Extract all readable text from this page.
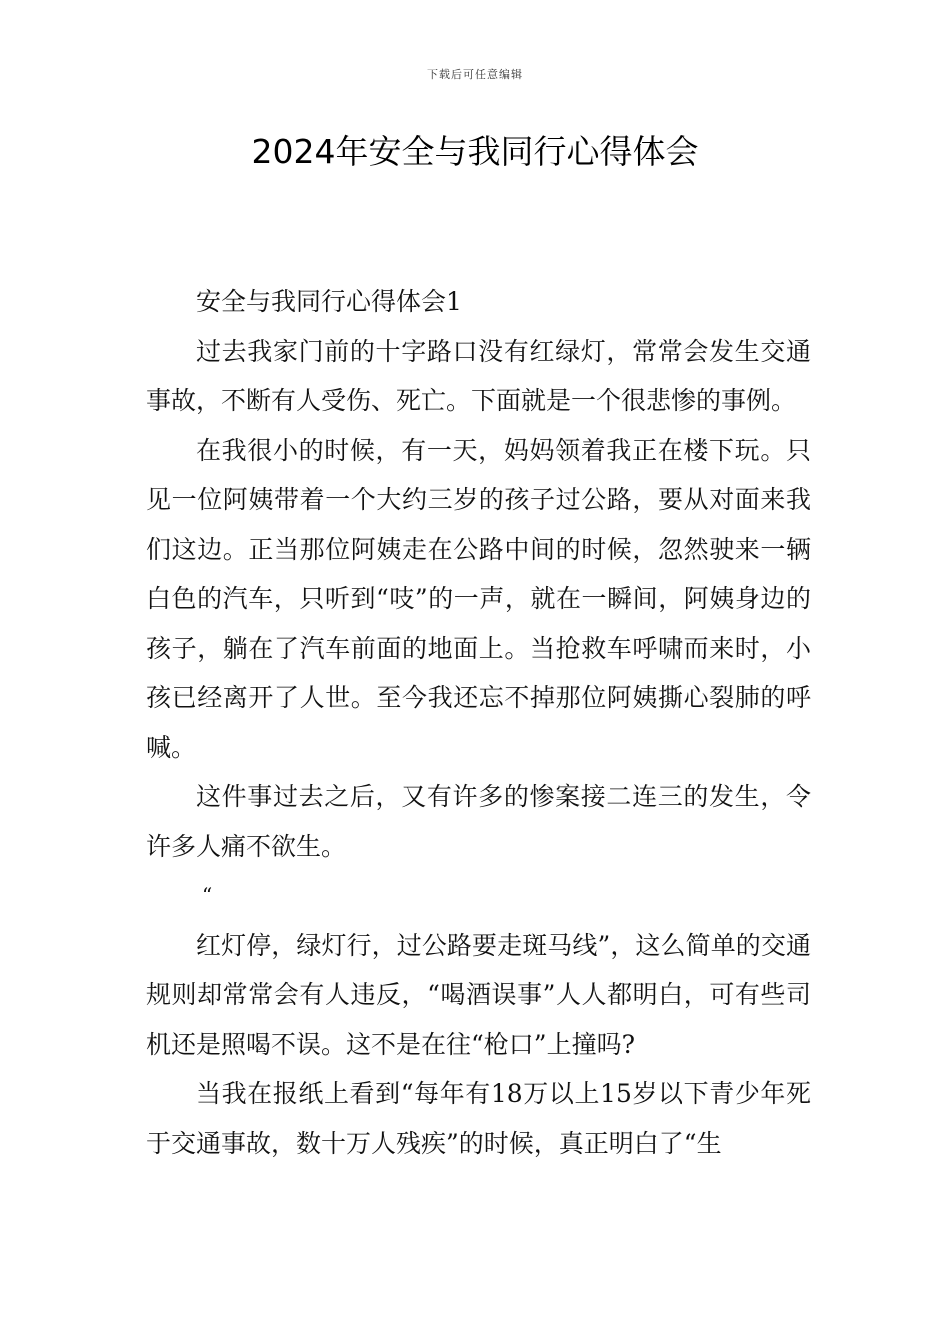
下载后可任意编辑
2024年安全与我同行心得体会

安全与我同行心得体会1

过去我家门前的十字路口没有红绿灯，常常会发生交通事故，不断有人受伤、死亡。下面就是一个很悲惨的事例。

在我很小的时候，有一天，妈妈领着我正在楼下玩。只见一位阿姨带着一个大约三岁的孩子过公路，要从对面来我们这边。正当那位阿姨走在公路中间的时候，忽然驶来一辆白色的汽车，只听到“吱”的一声，就在一瞬间，阿姨身边的孩子，躺在了汽车前面的地面上。当抢救车呼啸而来时，小孩已经离开了人世。至今我还忘不掉那位阿姨撕心裂肺的呼喊。

这件事过去之后，又有许多的惨案接二连三的发生，令许多人痛不欲生。

“

红灯停，绿灯行，过公路要走斑马线”，这么简单的交通规则却常常会有人违反，“喝酒误事”人人都明白，可有些司机还是照喝不误。这不是在往“枪口”上撞吗?

当我在报纸上看到“每年有18万以上15岁以下青少年死于交通事故，数十万人残疾”的时候，真正明白了“生
